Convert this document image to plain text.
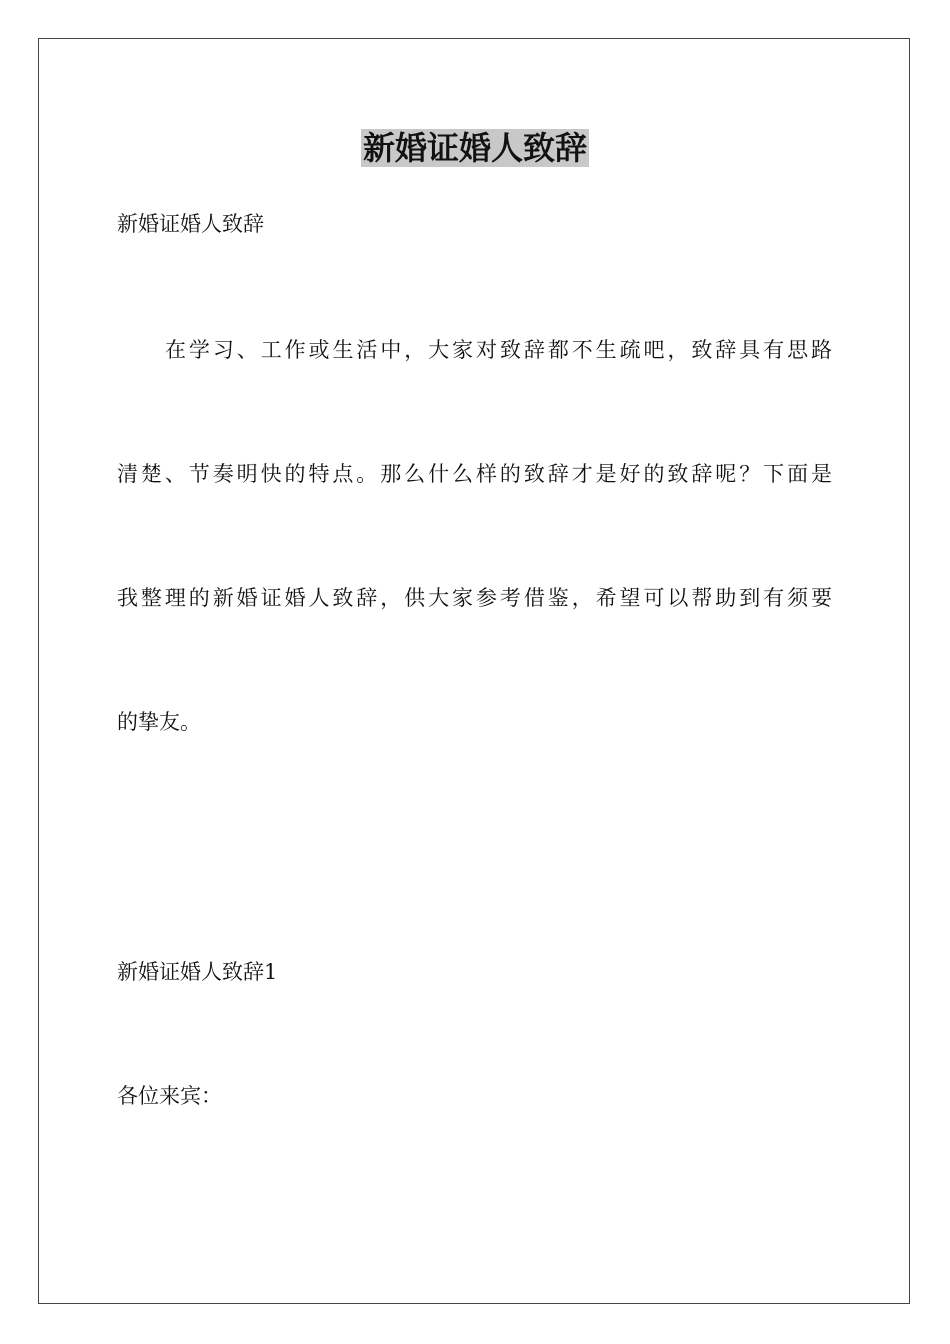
新婚证婚人致辞

新婚证婚人致辞

在学习、工作或生活中，大家对致辞都不生疏吧，致辞具有思路

清楚、节奏明快的特点。那么什么样的致辞才是好的致辞呢？下面是

我整理的新婚证婚人致辞，供大家参考借鉴，希望可以帮助到有须要

的挚友。

新婚证婚人致辞1

各位来宾：
